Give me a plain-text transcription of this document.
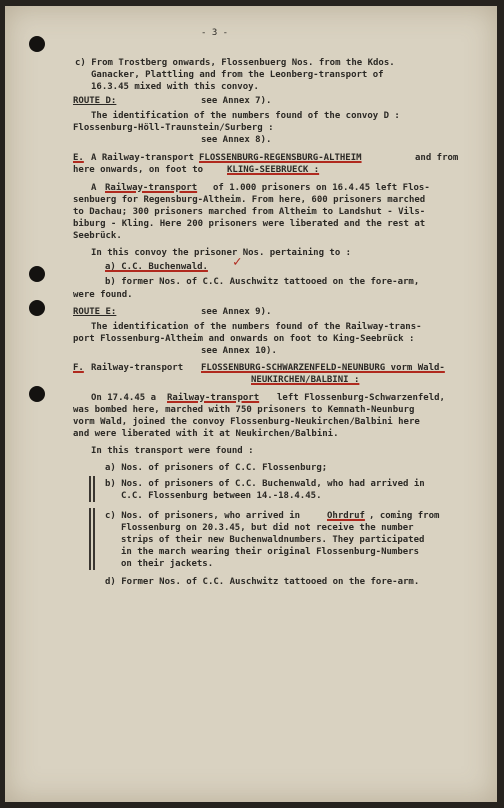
- 3 -
c) From Trostberg onwards, Flossenbuerg Nos. from the Kdos.
Ganacker, Plattling and from the Leonberg-transport of
16.3.45 mixed with this convoy.
ROUTE D:	see Annex 7).
The identification of the numbers found of the convoy D :
Flossenburg-Höll-Traunstein/Surberg :
see Annex 8).
E. A Railway-transport FLOSSENBURG-REGENSBURG-ALTHEIM	and from
here onwards, on foot to	KLING-SEEBRUECK :
A Railway-transport of 1.000 prisoners on 16.4.45 left Flos-
senbuerg for Regensburg-Altheim. From here, 600 prisoners marched
to Dachau; 300 prisoners marched from Altheim to Landshut - Vils-
biburg - Kling. Here 200 prisoners were liberated and the rest at
Seebrück.
In this convoy the prisoner Nos. pertaining to :
a) C.C. Buchenwald. ✓
b) former Nos. of C.C. Auschwitz tattooed on the fore-arm,
were found.
ROUTE E:	see Annex 9).
The identification of the numbers found of the Railway-trans-
port Flossenburg-Altheim and onwards on foot to King-Seebrück :
see Annex 10).
F. Railway-transport FLOSSENBURG-SCHWARZENFELD-NEUNBURG vorm Wald-
NEUKIRCHEN/BALBINI :
On 17.4.45 a Railway-transport left Flossenburg-Schwarzenfeld,
was bombed here, marched with 750 prisoners to Kemnath-Neunburg
vorm Wald, joined the convoy Flossenburg-Neukirchen/Balbini here
and were liberated with it at Neukirchen/Balbini.
In this transport were found :
a) Nos. of prisoners of C.C. Flossenburg;
b) Nos. of prisoners of C.C. Buchenwald, who had arrived in
C.C. Flossenburg between 14.-18.4.45.
c) Nos. of prisoners, who arrived in	Ohrdruf , coming from
Flossenburg on 20.3.45, but did not receive the number
strips of their new Buchenwaldnumbers. They participated
in the march wearing their original Flossenburg-Numbers
on their jackets.
d) Former Nos. of C.C. Auschwitz tattooed on the fore-arm.
